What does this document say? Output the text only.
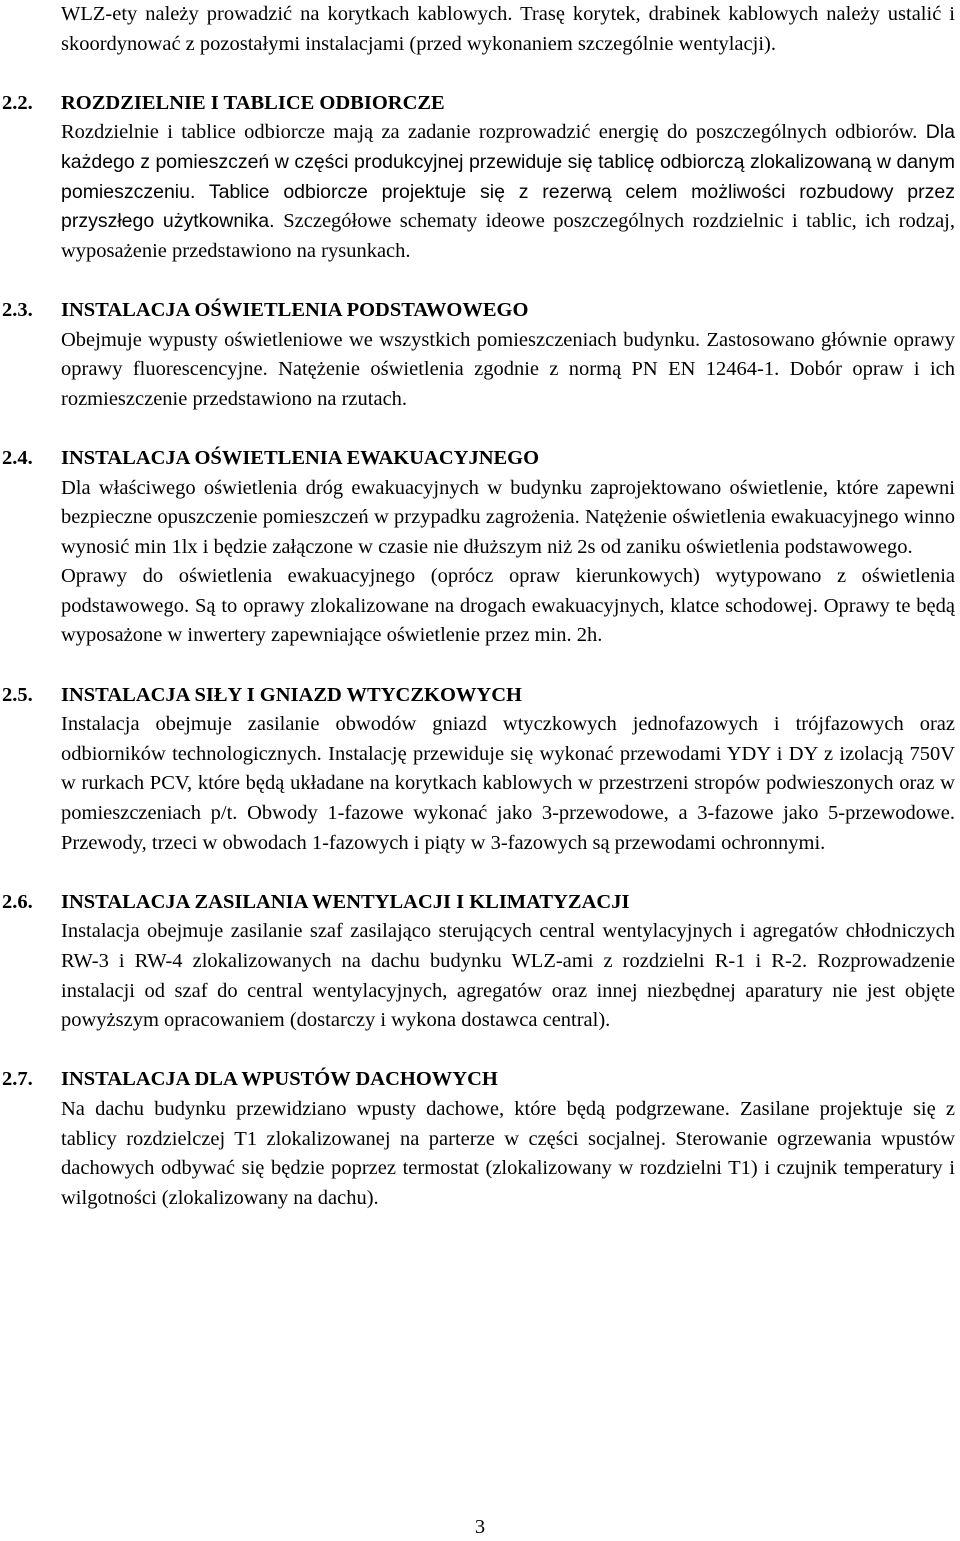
WLZ-ety należy prowadzić na korytkach kablowych. Trasę korytek, drabinek kablowych należy ustalić i skoordynować z pozostałymi instalacjami (przed wykonaniem szczególnie wentylacji).

2.2. ROZDZIELNIE I TABLICE ODBIORCZE

Rozdzielnie i tablice odbiorcze mają za zadanie rozprowadzić energię do poszczególnych odbiorów. Dla każdego z pomieszczeń w części produkcyjnej przewiduje się tablicę odbiorczą zlokalizowaną w danym pomieszczeniu. Tablice odbiorcze projektuje się z rezerwą celem możliwości rozbudowy przez przyszłego użytkownika. Szczegółowe schematy ideowe poszczególnych rozdzielnic i tablic, ich rodzaj, wyposażenie przedstawiono na rysunkach.

2.3. INSTALACJA OŚWIETLENIA PODSTAWOWEGO

Obejmuje wypusty oświetleniowe we wszystkich pomieszczeniach budynku. Zastosowano głównie oprawy oprawy fluorescencyjne. Natężenie oświetlenia zgodnie z normą PN EN 12464-1. Dobór opraw i ich rozmieszczenie przedstawiono na rzutach.

2.4. INSTALACJA OŚWIETLENIA EWAKUACYJNEGO

Dla właściwego oświetlenia dróg ewakuacyjnych w budynku zaprojektowano oświetlenie, które zapewni bezpieczne opuszczenie pomieszczeń w przypadku zagrożenia. Natężenie oświetlenia ewakuacyjnego winno wynosić min 1lx i będzie załączone w czasie nie dłuższym niż 2s od zaniku oświetlenia podstawowego.

Oprawy do oświetlenia ewakuacyjnego (oprócz opraw kierunkowych) wytypowano z oświetlenia podstawowego. Są to oprawy zlokalizowane na drogach ewakuacyjnych, klatce schodowej. Oprawy te będą wyposażone w inwertery zapewniające oświetlenie przez min. 2h.

2.5. INSTALACJA SIŁY I GNIAZD WTYCZKOWYCH

Instalacja obejmuje zasilanie obwodów gniazd wtyczkowych jednofazowych i trójfazowych oraz odbiorników technologicznych. Instalację przewiduje się wykonać przewodami YDY i DY z izolacją 750V w rurkach PCV, które będą układane na korytkach kablowych w przestrzeni stropów podwieszonych oraz w pomieszczeniach p/t. Obwody 1-fazowe wykonać jako 3-przewodowe, a 3-fazowe jako 5-przewodowe. Przewody, trzeci w obwodach 1-fazowych i piąty w 3-fazowych są przewodami ochronnymi.

2.6. INSTALACJA ZASILANIA WENTYLACJI I KLIMATYZACJI

Instalacja obejmuje zasilanie szaf zasilająco sterujących central wentylacyjnych i agregatów chłodniczych RW-3 i RW-4 zlokalizowanych na dachu budynku WLZ-ami z rozdzielni R-1 i R-2. Rozprowadzenie instalacji od szaf do central wentylacyjnych, agregatów oraz innej niezbędnej aparatury nie jest objęte powyższym opracowaniem (dostarczy i wykona dostawca central).

2.7. INSTALACJA DLA WPUSTÓW DACHOWYCH

Na dachu budynku przewidziano wpusty dachowe, które będą podgrzewane. Zasilane projektuje się z tablicy rozdzielczej T1 zlokalizowanej na parterze w części socjalnej. Sterowanie ogrzewania wpustów dachowych odbywać się będzie poprzez termostat (zlokalizowany w rozdzielni T1) i czujnik temperatury i wilgotności (zlokalizowany na dachu).

3
